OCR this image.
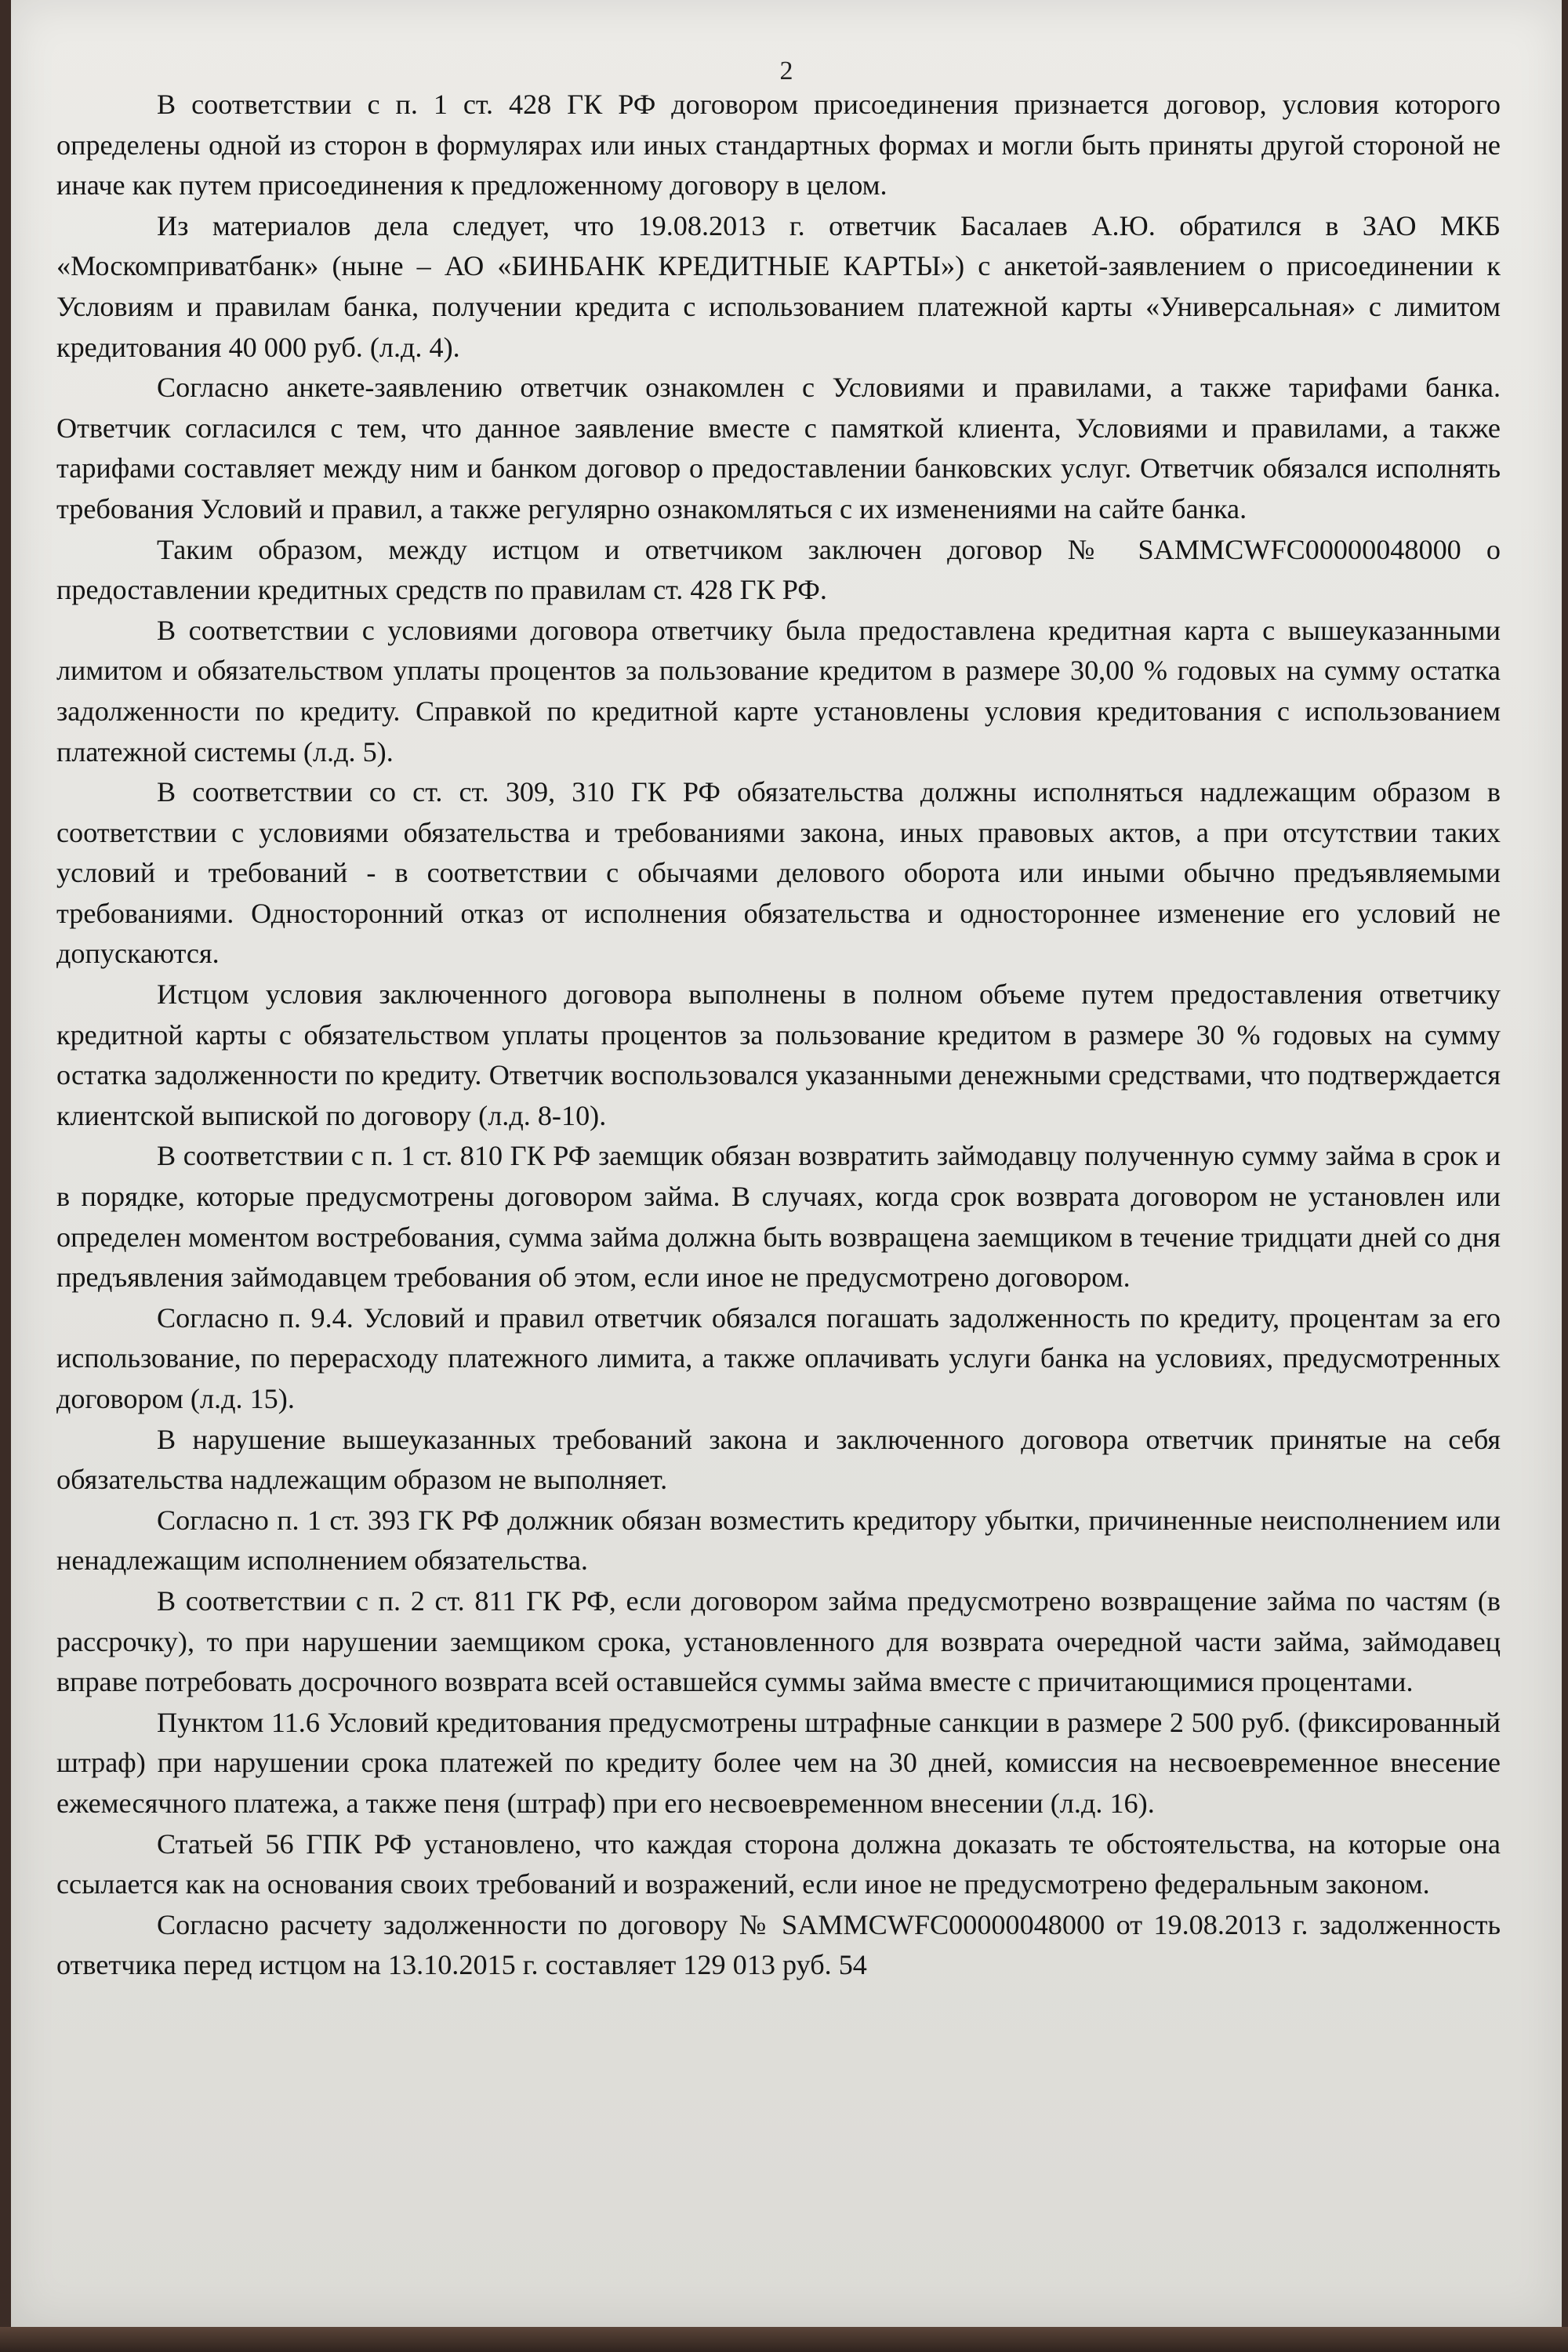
2

В соответствии с п. 1 ст. 428 ГК РФ договором присоединения признается договор, условия которого определены одной из сторон в формулярах или иных стандартных формах и могли быть приняты другой стороной не иначе как путем присоединения к предложенному договору в целом.

Из материалов дела следует, что 19.08.2013 г. ответчик Басалаев А.Ю. обратился в ЗАО МКБ «Москомприватбанк» (ныне – АО «БИНБАНК КРЕДИТНЫЕ КАРТЫ») с анкетой-заявлением о присоединении к Условиям и правилам банка, получении кредита с использованием платежной карты «Универсальная» с лимитом кредитования 40 000 руб. (л.д. 4).

Согласно анкете-заявлению ответчик ознакомлен с Условиями и правилами, а также тарифами банка. Ответчик согласился с тем, что данное заявление вместе с памяткой клиента, Условиями и правилами, а также тарифами составляет между ним и банком договор о предоставлении банковских услуг. Ответчик обязался исполнять требования Условий и правил, а также регулярно ознакомляться с их изменениями на сайте банка.

Таким образом, между истцом и ответчиком заключен договор № SAMMCWFC00000048000 о предоставлении кредитных средств по правилам ст. 428 ГК РФ.

В соответствии с условиями договора ответчику была предоставлена кредитная карта с вышеуказанными лимитом и обязательством уплаты процентов за пользование кредитом в размере 30,00 % годовых на сумму остатка задолженности по кредиту. Справкой по кредитной карте установлены условия кредитования с использованием платежной системы (л.д. 5).

В соответствии со ст. ст. 309, 310 ГК РФ обязательства должны исполняться надлежащим образом в соответствии с условиями обязательства и требованиями закона, иных правовых актов, а при отсутствии таких условий и требований - в соответствии с обычаями делового оборота или иными обычно предъявляемыми требованиями. Односторонний отказ от исполнения обязательства и одностороннее изменение его условий не допускаются.

Истцом условия заключенного договора выполнены в полном объеме путем предоставления ответчику кредитной карты с обязательством уплаты процентов за пользование кредитом в размере 30 % годовых на сумму остатка задолженности по кредиту. Ответчик воспользовался указанными денежными средствами, что подтверждается клиентской выпиской по договору (л.д. 8-10).

В соответствии с п. 1 ст. 810 ГК РФ заемщик обязан возвратить займодавцу полученную сумму займа в срок и в порядке, которые предусмотрены договором займа. В случаях, когда срок возврата договором не установлен или определен моментом востребования, сумма займа должна быть возвращена заемщиком в течение тридцати дней со дня предъявления займодавцем требования об этом, если иное не предусмотрено договором.

Согласно п. 9.4. Условий и правил ответчик обязался погашать задолженность по кредиту, процентам за его использование, по перерасходу платежного лимита, а также оплачивать услуги банка на условиях, предусмотренных договором (л.д. 15).

В нарушение вышеуказанных требований закона и заключенного договора ответчик принятые на себя обязательства надлежащим образом не выполняет.

Согласно п. 1 ст. 393 ГК РФ должник обязан возместить кредитору убытки, причиненные неисполнением или ненадлежащим исполнением обязательства.

В соответствии с п. 2 ст. 811 ГК РФ, если договором займа предусмотрено возвращение займа по частям (в рассрочку), то при нарушении заемщиком срока, установленного для возврата очередной части займа, займодавец вправе потребовать досрочного возврата всей оставшейся суммы займа вместе с причитающимися процентами.

Пунктом 11.6 Условий кредитования предусмотрены штрафные санкции в размере 2 500 руб. (фиксированный штраф) при нарушении срока платежей по кредиту более чем на 30 дней, комиссия на несвоевременное внесение ежемесячного платежа, а также пеня (штраф) при его несвоевременном внесении (л.д. 16).

Статьей 56 ГПК РФ установлено, что каждая сторона должна доказать те обстоятельства, на которые она ссылается как на основания своих требований и возражений, если иное не предусмотрено федеральным законом.

Согласно расчету задолженности по договору № SAMMCWFC00000048000 от 19.08.2013 г. задолженность ответчика перед истцом на 13.10.2015 г. составляет 129 013 руб. 54
